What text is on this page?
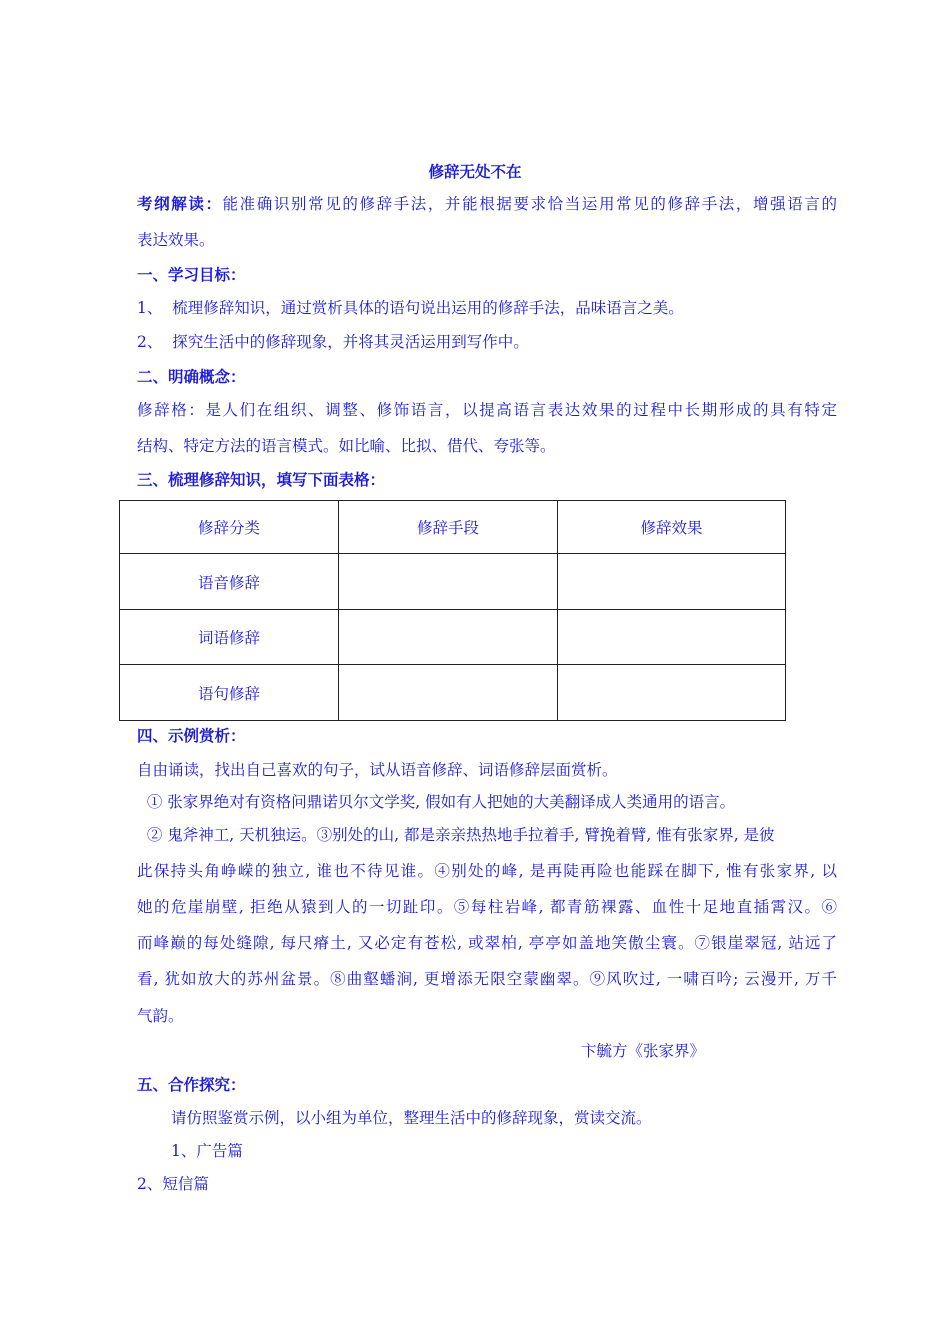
修辞无处不在
考纲解读：能准确识别常见的修辞手法，并能根据要求恰当运用常见的修辞手法，增强语言的
表达效果。
一、学习目标：
1、  梳理修辞知识，通过赏析具体的语句说出运用的修辞手法，品味语言之美。
2、  探究生活中的修辞现象，并将其灵活运用到写作中。
二、明确概念：
修辞格：是人们在组织、调整、修饰语言，以提高语言表达效果的过程中长期形成的具有特定
结构、特定方法的语言模式。如比喻、比拟、借代、夸张等。
三、梳理修辞知识，填写下面表格：
修辞分类	修辞手段	修辞效果
语音修辞		
词语修辞		
语句修辞		
四、示例赏析：
自由诵读，找出自己喜欢的句子，试从语音修辞、词语修辞层面赏析。
① 张家界绝对有资格问鼎诺贝尔文学奖, 假如有人把她的大美翻译成人类通用的语言。
② 鬼斧神工, 天机独运。③别处的山, 都是亲亲热热地手拉着手, 臂挽着臂, 惟有张家界, 是彼
此保持头角峥嵘的独立, 谁也不待见谁。④别处的峰, 是再陡再险也能踩在脚下, 惟有张家界, 以
她的危崖崩壁, 拒绝从猿到人的一切趾印。⑤每柱岩峰, 都青筋裸露、血性十足地直插霄汉。⑥
而峰巅的每处缝隙, 每尺瘠土, 又必定有苍松, 或翠柏, 亭亭如盖地笑傲尘寰。⑦银崖翠冠, 站远了
看, 犹如放大的苏州盆景。⑧曲壑蟠涧, 更增添无限空蒙幽翠。⑨风吹过, 一啸百吟; 云漫开, 万千
气韵。
卞毓方《张家界》
五、合作探究：
请仿照鉴赏示例，以小组为单位，整理生活中的修辞现象，赏读交流。
1、广告篇
2、短信篇
